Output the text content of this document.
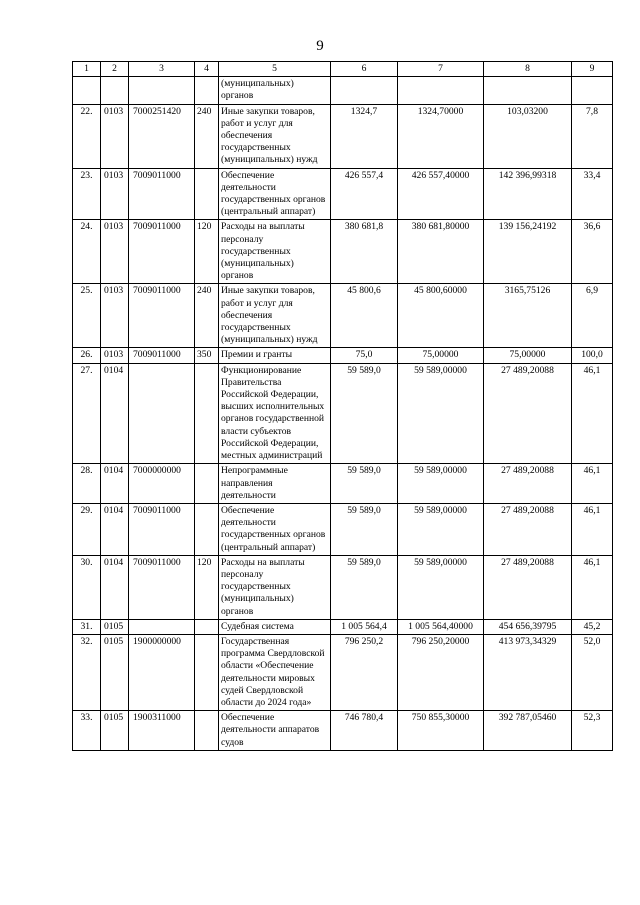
9
1	2	3	4	5	6	7	8	9
				(муниципальных) органов				
22.	0103	7000251420	240	Иные закупки товаров, работ и услуг для обеспечения государственных (муниципальных) нужд	1324,7	1324,70000	103,03200	7,8
23.	0103	7009011000		Обеспечение деятельности государственных органов (центральный аппарат)	426 557,4	426 557,40000	142 396,99318	33,4
24.	0103	7009011000	120	Расходы на выплаты персоналу государственных (муниципальных) органов	380 681,8	380 681,80000	139 156,24192	36,6
25.	0103	7009011000	240	Иные закупки товаров, работ и услуг для обеспечения государственных (муниципальных) нужд	45 800,6	45 800,60000	3165,75126	6,9
26.	0103	7009011000	350	Премии и гранты	75,0	75,00000	75,00000	100,0
27.	0104			Функционирование Правительства Российской Федерации, высших исполнительных органов государственной власти субъектов Российской Федерации, местных администраций	59 589,0	59 589,00000	27 489,20088	46,1
28.	0104	7000000000		Непрограммные направления деятельности	59 589,0	59 589,00000	27 489,20088	46,1
29.	0104	7009011000		Обеспечение деятельности государственных органов (центральный аппарат)	59 589,0	59 589,00000	27 489,20088	46,1
30.	0104	7009011000	120	Расходы на выплаты персоналу государственных (муниципальных) органов	59 589,0	59 589,00000	27 489,20088	46,1
31.	0105			Судебная система	1 005 564,4	1 005 564,40000	454 656,39795	45,2
32.	0105	1900000000		Государственная программа Свердловской области «Обеспечение деятельности мировых судей Свердловской области до 2024 года»	796 250,2	796 250,20000	413 973,34329	52,0
33.	0105	1900311000		Обеспечение деятельности аппаратов судов	746 780,4	750 855,30000	392 787,05460	52,3
